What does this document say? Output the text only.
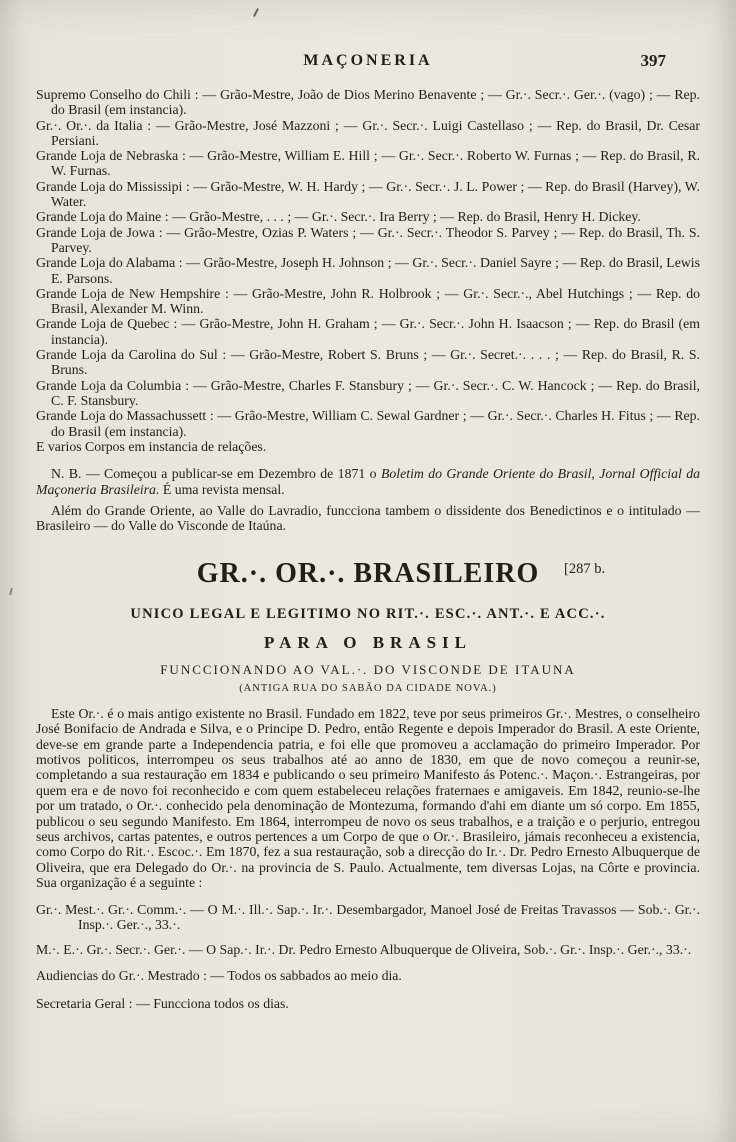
MAÇONERIA	397

Supremo Conselho do Chili : — Grão-Mestre, João de Dios Merino Benavente ; — Gr.·. Secr.·. Ger.·. (vago) ; — Rep. do Brasil (em instancia).

Gr.·. Or.·. da Italia : — Grão-Mestre, José Mazzoni ; — Gr.·. Secr.·. Luigi Castellaso ; — Rep. do Brasil, Dr. Cesar Persiani.

Grande Loja de Nebraska : — Grão-Mestre, William E. Hill ; — Gr.·. Secr.·. Roberto W. Furnas ; — Rep. do Brasil, R. W. Furnas.

Grande Loja do Mississipi : — Grão-Mestre, W. H. Hardy ; — Gr.·. Secr.·. J. L. Power ; — Rep. do Brasil (Harvey), W. Water.

Grande Loja do Maine : — Grão-Mestre, . . . ; — Gr.·. Secr.·. Ira Berry ; — Rep. do Brasil, Henry H. Dickey.

Grande Loja de Jowa : — Grão-Mestre, Ozias P. Waters ; — Gr.·. Secr.·. Theodor S. Parvey ; — Rep. do Brasil, Th. S. Parvey.

Grande Loja do Alabama : — Grão-Mestre, Joseph H. Johnson ; — Gr.·. Secr.·. Daniel Sayre ; — Rep. do Brasil, Lewis E. Parsons.

Grande Loja de New Hempshire : — Grão-Mestre, John R. Holbrook ; — Gr.·. Secr.·., Abel Hutchings ; — Rep. do Brasil, Alexander M. Winn.

Grande Loja de Quebec : — Grão-Mestre, John H. Graham ; — Gr.·. Secr.·. John H. Isaacson ; — Rep. do Brasil (em instancia).

Grande Loja da Carolina do Sul : — Grão-Mestre, Robert S. Bruns ; — Gr.·. Secret.·. . . . ; — Rep. do Brasil, R. S. Bruns.

Grande Loja da Columbia : — Grão-Mestre, Charles F. Stansbury ; — Gr.·. Secr.·. C. W. Hancock ; — Rep. do Brasil, C. F. Stansbury.

Grande Loja do Massachussett : — Grão-Mestre, William C. Sewal Gardner ; — Gr.·. Secr.·. Charles H. Fitus ; — Rep. do Brasil (em instancia).

E varios Corpos em instancia de relações.

N. B. — Começou a publicar-se em Dezembro de 1871 o Boletim do Grande Oriente do Brasil, Jornal Official da Maçoneria Brasileira. É uma revista mensal.

Além do Grande Oriente, ao Valle do Lavradio, funcciona tambem o dissidente dos Benedictinos e o intitulado — Brasileiro — do Valle do Visconde de Itaúna.

GR.·. OR.·. BRASILEIRO [287 b.

UNICO LEGAL E LEGITIMO NO RIT.·. ESC.·. ANT.·. E ACC.·.

PARA O BRASIL

FUNCCIONANDO AO VAL.·. DO VISCONDE DE ITAUNA

(ANTIGA RUA DO SABÃO DA CIDADE NOVA.)

Este Or.·. é o mais antigo existente no Brasil. Fundado em 1822, teve por seus primeiros Gr.·. Mestres, o conselheiro José Bonifacio de Andrada e Silva, e o Principe D. Pedro, então Regente e depois Imperador do Brasil. A este Oriente, deve-se em grande parte a Independencia patria, e foi elle que promoveu a acclamação do primeiro Imperador. Por motivos politicos, interrompeu os seus trabalhos até ao anno de 1830, em que de novo começou a reunir-se, completando a sua restauração em 1834 e publicando o seu primeiro Manifesto ás Potenc.·. Maçon.·. Estrangeiras, por quem era e de novo foi reconhecido e com quem estabeleceu relações fraternaes e amigaveis. Em 1842, reunio-se-lhe por um tratado, o Or.·. conhecido pela denominação de Montezuma, formando d'ahi em diante um só corpo. Em 1855, publicou o seu segundo Manifesto. Em 1864, interrompeu de novo os seus trabalhos, e a traição e o perjurio, entregou seus archivos, cartas patentes, e outros pertences a um Corpo de que o Or.·. Brasileiro, jámais reconheceu a existencia, como Corpo do Rit.·. Escoc.·. Em 1870, fez a sua restauração, sob a direcção do Ir.·. Dr. Pedro Ernesto Albuquerque de Oliveira, que era Delegado do Or.·. na provincia de S. Paulo. Actualmente, tem diversas Lojas, na Côrte e provincia. Sua organização é a seguinte :

Gr.·. Mest.·. Gr.·. Comm.·. — O M.·. Ill.·. Sap.·. Ir.·. Desembargador, Manoel José de Freitas Travassos — Sob.·. Gr.·. Insp.·. Ger.·., 33.·.

M.·. E.·. Gr.·. Secr.·. Ger.·. — O Sap.·. Ir.·. Dr. Pedro Ernesto Albuquerque de Oliveira, Sob.·. Gr.·. Insp.·. Ger.·., 33.·.

Audiencias do Gr.·. Mestrado : — Todos os sabbados ao meio dia.

Secretaria Geral : — Funcciona todos os dias.
